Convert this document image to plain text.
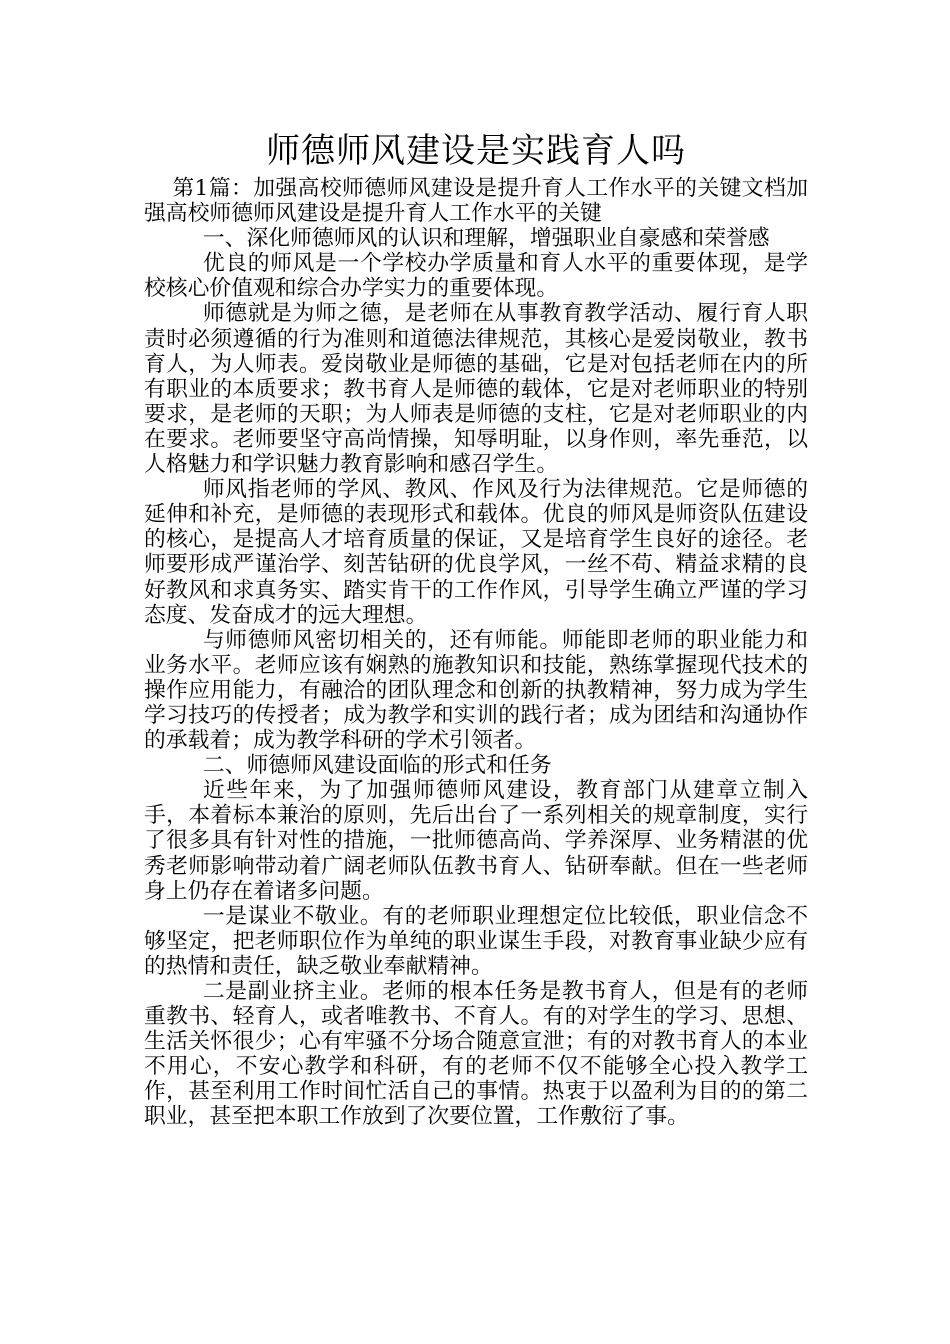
师德师风建设是实践育人吗

第1篇：加强高校师德师风建设是提升育人工作水平的关键文档加强高校师德师风建设是提升育人工作水平的关键

一、深化师德师风的认识和理解，增强职业自豪感和荣誉感

优良的师风是一个学校办学质量和育人水平的重要体现，是学校核心价值观和综合办学实力的重要体现。

师德就是为师之德，是老师在从事教育教学活动、履行育人职责时必须遵循的行为准则和道德法律规范，其核心是爱岗敬业，教书育人，为人师表。爱岗敬业是师德的基础，它是对包括老师在内的所有职业的本质要求；教书育人是师德的载体，它是对老师职业的特别要求，是老师的天职；为人师表是师德的支柱，它是对老师职业的内在要求。老师要坚守高尚情操，知辱明耻，以身作则，率先垂范，以人格魅力和学识魅力教育影响和感召学生。

师风指老师的学风、教风、作风及行为法律规范。它是师德的延伸和补充，是师德的表现形式和载体。优良的师风是师资队伍建设的核心，是提高人才培育质量的保证，又是培育学生良好的途径。老师要形成严谨治学、刻苦钻研的优良学风，一丝不苟、精益求精的良好教风和求真务实、踏实肯干的工作作风，引导学生确立严谨的学习态度、发奋成才的远大理想。

与师德师风密切相关的，还有师能。师能即老师的职业能力和业务水平。老师应该有娴熟的施教知识和技能，熟练掌握现代技术的操作应用能力，有融洽的团队理念和创新的执教精神，努力成为学生学习技巧的传授者；成为教学和实训的践行者；成为团结和沟通协作的承载着；成为教学科研的学术引领者。

二、师德师风建设面临的形式和任务

近些年来，为了加强师德师风建设，教育部门从建章立制入手，本着标本兼治的原则，先后出台了一系列相关的规章制度，实行了很多具有针对性的措施，一批师德高尚、学养深厚、业务精湛的优秀老师影响带动着广阔老师队伍教书育人、钻研奉献。但在一些老师身上仍存在着诸多问题。

一是谋业不敬业。有的老师职业理想定位比较低，职业信念不够坚定，把老师职位作为单纯的职业谋生手段，对教育事业缺少应有的热情和责任，缺乏敬业奉献精神。

二是副业挤主业。老师的根本任务是教书育人，但是有的老师重教书、轻育人，或者唯教书、不育人。有的对学生的学习、思想、生活关怀很少；心有牢骚不分场合随意宣泄；有的对教书育人的本业不用心，不安心教学和科研，有的老师不仅不能够全心投入教学工作，甚至利用工作时间忙活自己的事情。热衷于以盈利为目的的第二职业，甚至把本职工作放到了次要位置，工作敷衍了事。
